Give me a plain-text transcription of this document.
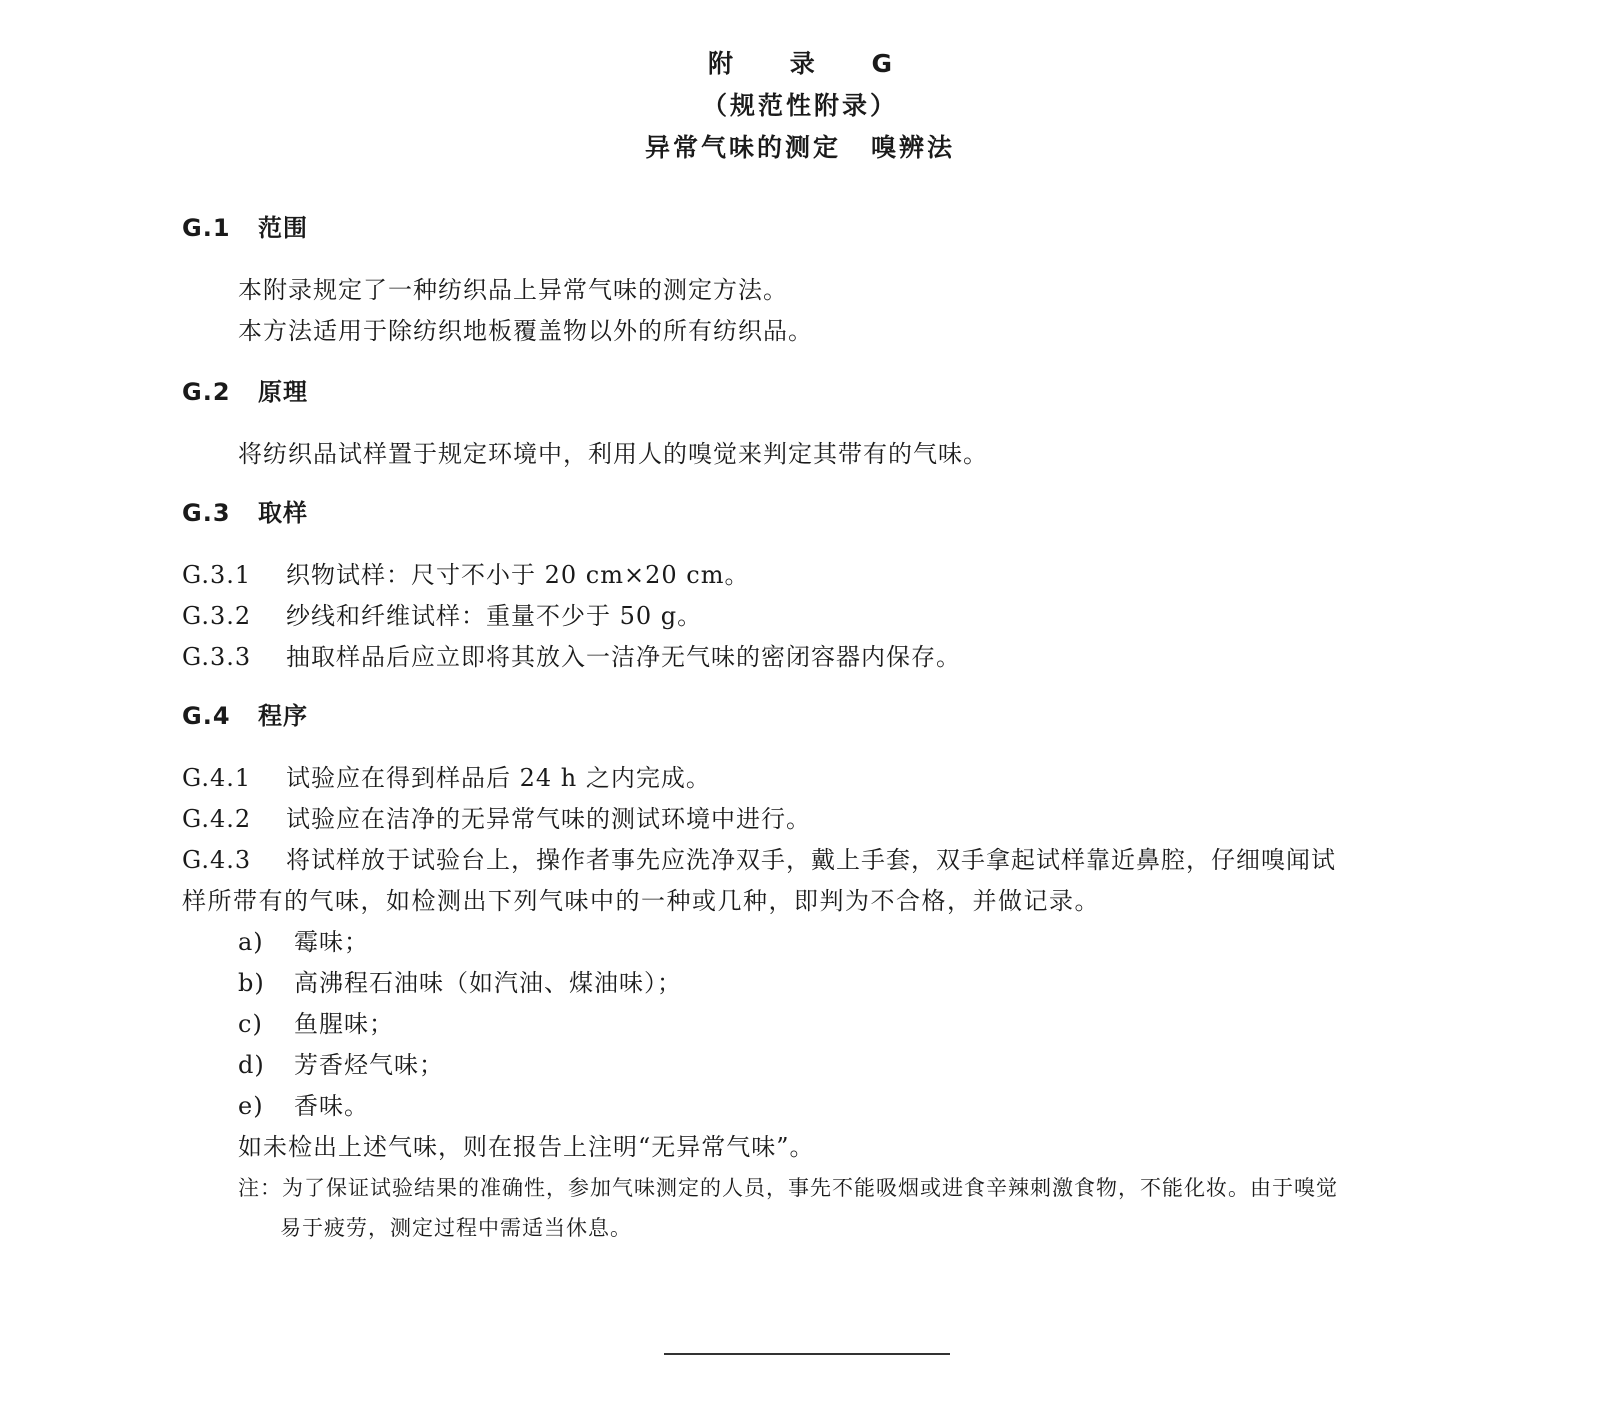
附 录 G
（规范性附录）
异常气味的测定 嗅辨法
G.1 范围
本附录规定了一种纺织品上异常气味的测定方法。
本方法适用于除纺织地板覆盖物以外的所有纺织品。
G.2 原理
将纺织品试样置于规定环境中，利用人的嗅觉来判定其带有的气味。
G.3 取样
G.3.1 织物试样：尺寸不小于 20 cm×20 cm。
G.3.2 纱线和纤维试样：重量不少于 50 g。
G.3.3 抽取样品后应立即将其放入一洁净无气味的密闭容器内保存。
G.4 程序
G.4.1 试验应在得到样品后 24 h 之内完成。
G.4.2 试验应在洁净的无异常气味的测试环境中进行。
G.4.3 将试样放于试验台上，操作者事先应洗净双手，戴上手套，双手拿起试样靠近鼻腔，仔细嗅闻试
样所带有的气味，如检测出下列气味中的一种或几种，即判为不合格，并做记录。
a) 霉味；
b) 高沸程石油味（如汽油、煤油味）；
c) 鱼腥味；
d) 芳香烃气味；
e) 香味。
如未检出上述气味，则在报告上注明“无异常气味”。
注：为了保证试验结果的准确性，参加气味测定的人员，事先不能吸烟或进食辛辣刺激食物，不能化妆。由于嗅觉
易于疲劳，测定过程中需适当休息。
